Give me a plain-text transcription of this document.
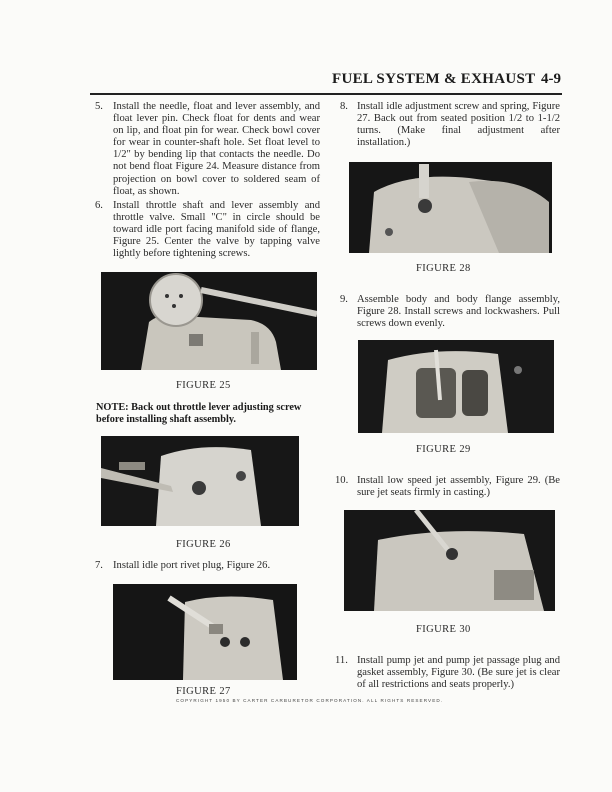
FUEL SYSTEM & EXHAUST 4-9
5. Install the needle, float and lever assembly, and float lever pin. Check float for dents and wear on lip, and float pin for wear. Check bowl cover for wear in counter-shaft hole. Set float level to 1/2" by bending lip that contacts the needle. Do not bend float Figure 24. Measure distance from projection on bowl cover to soldered seam of float, as shown.
6. Install throttle shaft and lever assembly and throttle valve. Small "C" in circle should be toward idle port facing manifold side of flange, Figure 25. Center the valve by tapping valve lightly before tightening screws.
FIGURE 25
NOTE: Back out throttle lever adjusting screw before installing shaft assembly.
FIGURE 26
7. Install idle port rivet plug, Figure 26.
FIGURE 27
8. Install idle adjustment screw and spring, Figure 27. Back out from seated position 1/2 to 1-1/2 turns. (Make final adjustment after installation.)
FIGURE 28
9. Assemble body and body flange assembly, Figure 28. Install screws and lockwashers. Pull screws down evenly.
FIGURE 29
10. Install low speed jet assembly, Figure 29. (Be sure jet seats firmly in casting.)
FIGURE 30
11. Install pump jet and pump jet passage plug and gasket assembly, Figure 30. (Be sure jet is clear of all restrictions and seats properly.)
COPYRIGHT 1950 BY CARTER CARBURETOR CORPORATION. ALL RIGHTS RESERVED.
